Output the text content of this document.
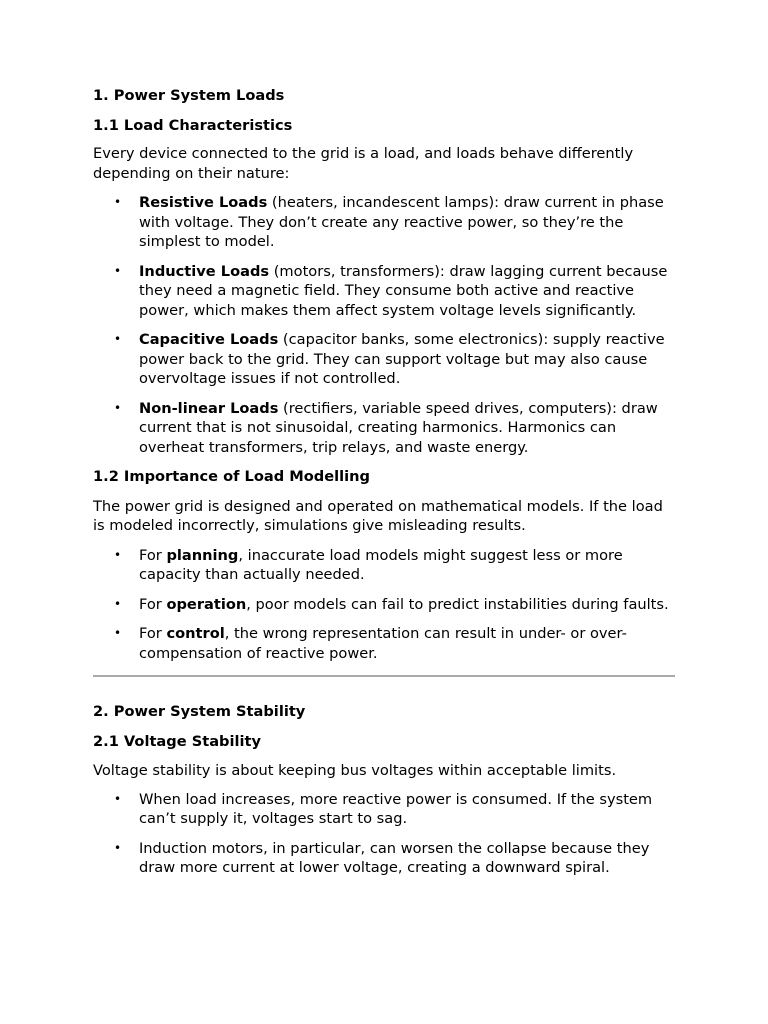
1. Power System Loads
1.1 Load Characteristics

Every device connected to the grid is a load, and loads behave differently depending on their nature:

• Resistive Loads (heaters, incandescent lamps): draw current in phase with voltage. They don’t create any reactive power, so they’re the simplest to model.
• Inductive Loads (motors, transformers): draw lagging current because they need a magnetic field. They consume both active and reactive power, which makes them affect system voltage levels significantly.
• Capacitive Loads (capacitor banks, some electronics): supply reactive power back to the grid. They can support voltage but may also cause overvoltage issues if not controlled.
• Non-linear Loads (rectifiers, variable speed drives, computers): draw current that is not sinusoidal, creating harmonics. Harmonics can overheat transformers, trip relays, and waste energy.
1.2 Importance of Load Modelling

The power grid is designed and operated on mathematical models. If the load is modeled incorrectly, simulations give misleading results.

• For planning, inaccurate load models might suggest less or more capacity than actually needed.
• For operation, poor models can fail to predict instabilities during faults.
• For control, the wrong representation can result in under- or over-compensation of reactive power.
2. Power System Stability
2.1 Voltage Stability

Voltage stability is about keeping bus voltages within acceptable limits.

• When load increases, more reactive power is consumed. If the system can’t supply it, voltages start to sag.
• Induction motors, in particular, can worsen the collapse because they draw more current at lower voltage, creating a downward spiral.
